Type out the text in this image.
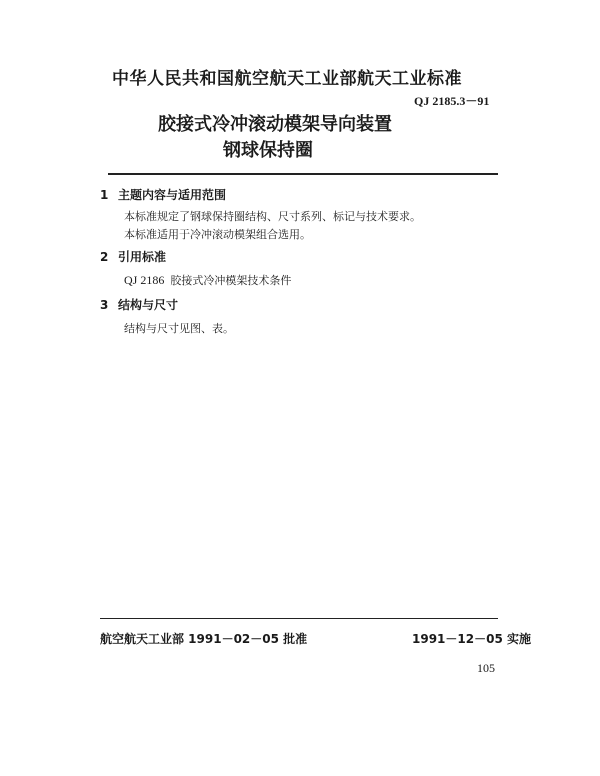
中华人民共和国航空航天工业部航天工业标准
QJ 2185.3－91
胶接式冷冲滚动模架导向装置
钢球保持圈
1 主题内容与适用范围
本标准规定了钢球保持圈结构、尺寸系列、标记与技术要求。
本标准适用于冷冲滚动模架组合选用。
2 引用标准
QJ 2186 胶接式冷冲模架技术条件
3 结构与尺寸
结构与尺寸见图、表。
航空航天工业部 1991－02－05 批准	1991－12－05 实施
105
